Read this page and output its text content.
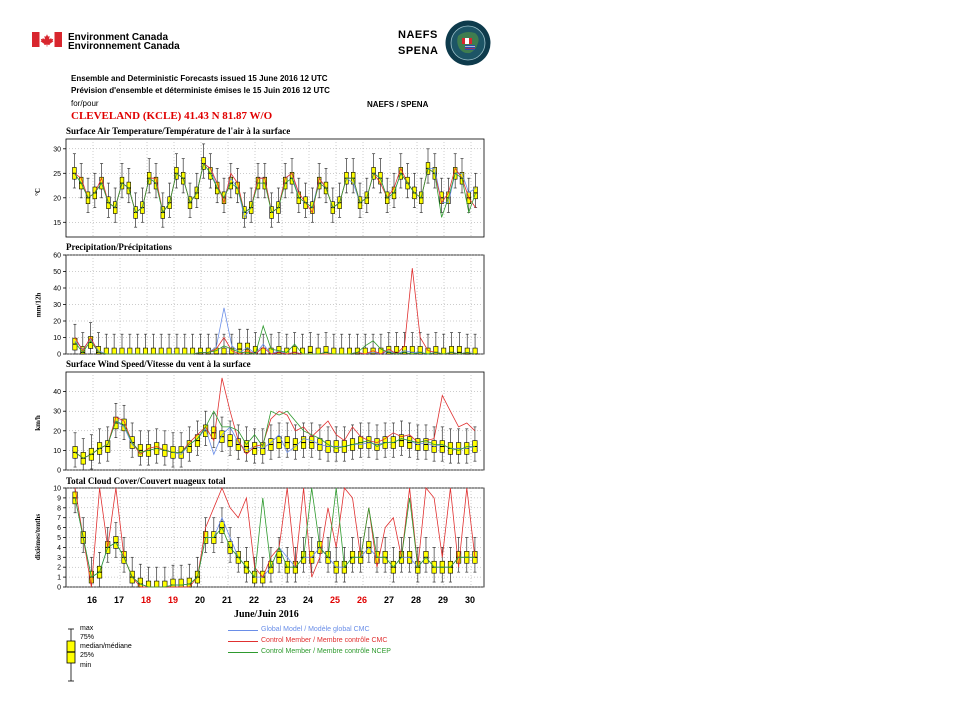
Environment Canada
Environnement Canada
NAEFS
SPENA
Ensemble and Deterministic Forecasts issued 15 June 2016 12 UTC
Prévision d'ensemble et déterministe émises le 15 Juin 2016 12 UTC
for/pour	NAEFS / SPENA
CLEVELAND (KCLE) 41.43 N 81.87 W/O
Surface Air Temperature/Température de l'air à la surface
Precipitation/Précipitations
Surface Wind Speed/Vitesse du vent à la surface
Total Cloud Cover/Couvert nuageux total
°C
mm/12h
km/h
dixièmes/tenths
15
20
25
30
0
10
20
30
40
50
60
0
10
20
30
40
0
1
2
3
4
5
6
7
8
9
10
16 17 18 19 20 21 22 23 24 25 26 27 28 29 30
June/Juin 2016
max
75%
median/médiane
25%
min
Global Model / Modèle global CMC
Control Member / Membre contrôle CMC
Control Member / Membre contrôle NCEP
